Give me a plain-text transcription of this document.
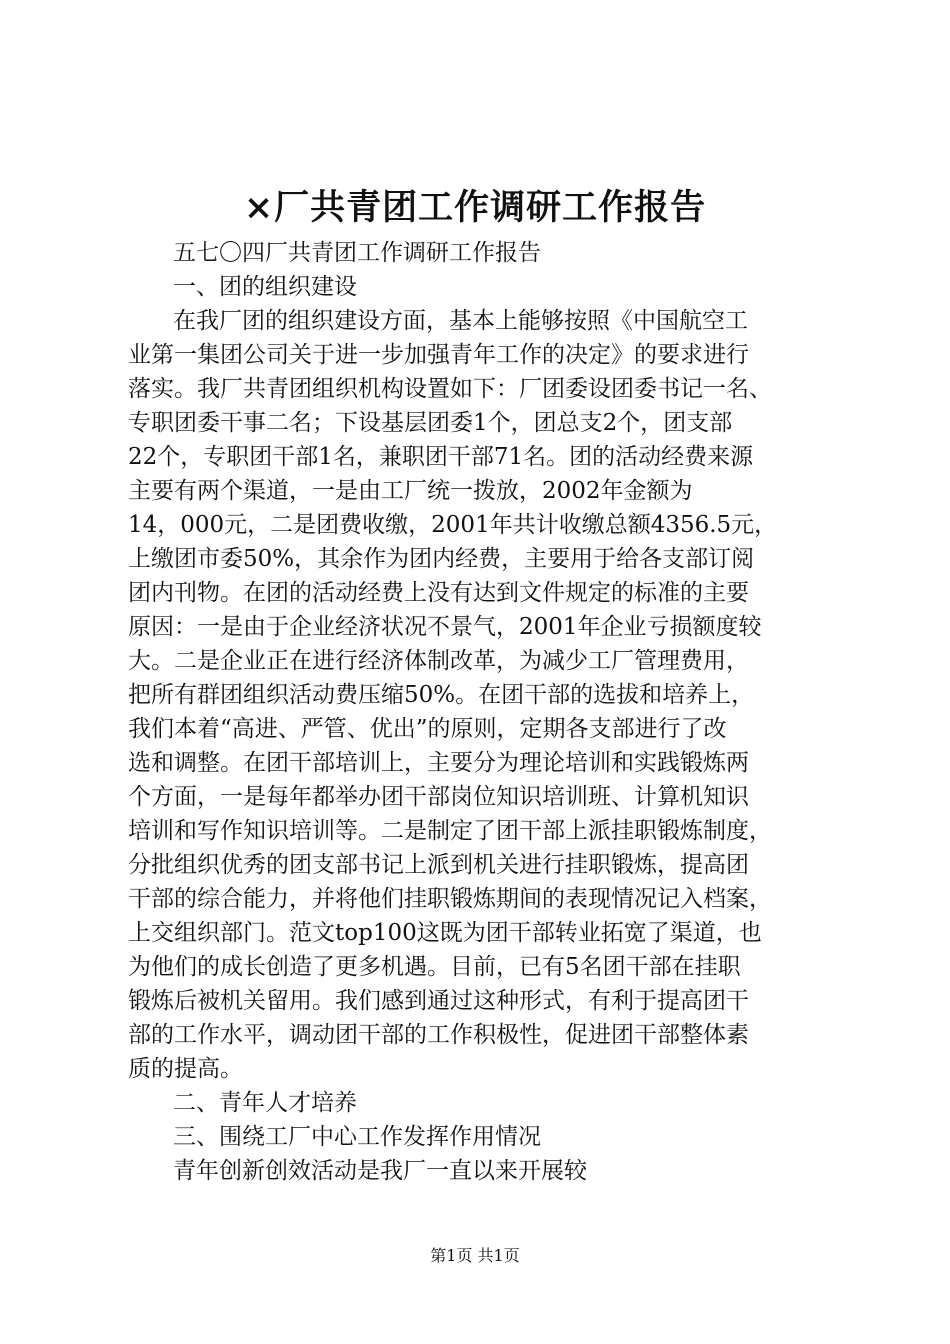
×厂共青团工作调研工作报告

五七〇四厂共青团工作调研工作报告

一、团的组织建设

在我厂团的组织建设方面，基本上能够按照《中国航空工

业第一集团公司关于进一步加强青年工作的决定》的要求进行

落实。我厂共青团组织机构设置如下：厂团委设团委书记一名、

专职团委干事二名；下设基层团委1个，团总支2个，团支部

22个，专职团干部1名，兼职团干部71名。团的活动经费来源

主要有两个渠道，一是由工厂统一拨放，2002年金额为

14，000元，二是团费收缴，2001年共计收缴总额4356.5元，

上缴团市委50%，其余作为团内经费，主要用于给各支部订阅

团内刊物。在团的活动经费上没有达到文件规定的标准的主要

原因：一是由于企业经济状况不景气，2001年企业亏损额度较

大。二是企业正在进行经济体制改革，为减少工厂管理费用，

把所有群团组织活动费压缩50%。在团干部的选拔和培养上，

我们本着“高进、严管、优出”的原则，定期各支部进行了改

选和调整。在团干部培训上，主要分为理论培训和实践锻炼两

个方面，一是每年都举办团干部岗位知识培训班、计算机知识

培训和写作知识培训等。二是制定了团干部上派挂职锻炼制度，

分批组织优秀的团支部书记上派到机关进行挂职锻炼，提高团

干部的综合能力，并将他们挂职锻炼期间的表现情况记入档案，

上交组织部门。范文top100这既为团干部转业拓宽了渠道，也

为他们的成长创造了更多机遇。目前，已有5名团干部在挂职

锻炼后被机关留用。我们感到通过这种形式，有利于提高团干

部的工作水平，调动团干部的工作积极性，促进团干部整体素

质的提高。

二、青年人才培养

三、围绕工厂中心工作发挥作用情况

青年创新创效活动是我厂一直以来开展较

第1页 共1页
